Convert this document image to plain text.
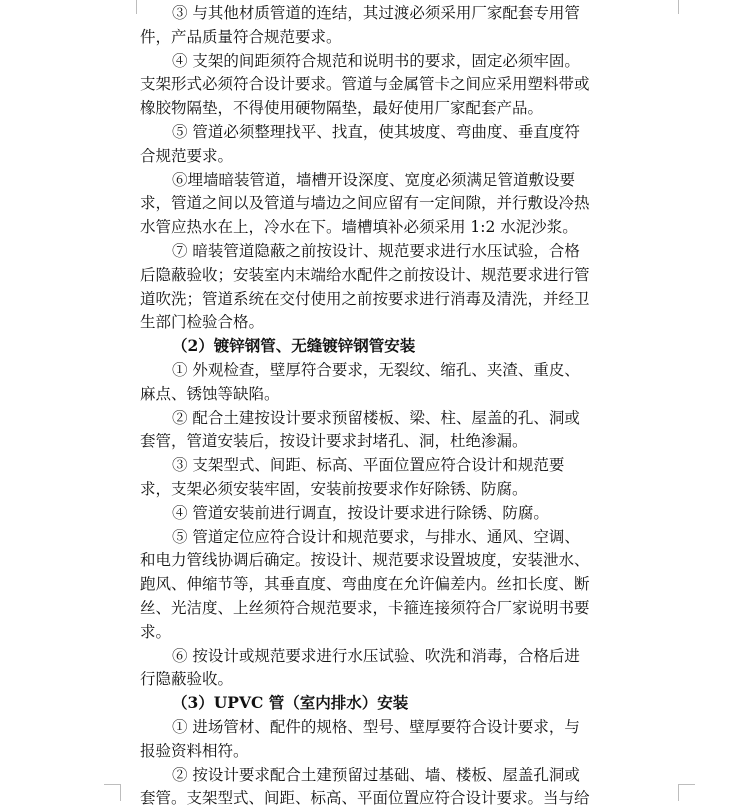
③ 与其他材质管道的连结，其过渡必须采用厂家配套专用管
件，产品质量符合规范要求。
④ 支架的间距须符合规范和说明书的要求，固定必须牢固。
支架形式必须符合设计要求。管道与金属管卡之间应采用塑料带或
橡胶物隔垫，不得使用硬物隔垫，最好使用厂家配套产品。
⑤ 管道必须整理找平、找直，使其坡度、弯曲度、垂直度符
合规范要求。
⑥埋墙暗装管道，墙槽开设深度、宽度必须满足管道敷设要
求，管道之间以及管道与墙边之间应留有一定间隙，并行敷设冷热
水管应热水在上，冷水在下。墙槽填补必须采用 1:2 水泥沙浆。
⑦ 暗装管道隐蔽之前按设计、规范要求进行水压试验，合格
后隐蔽验收；安装室内末端给水配件之前按设计、规范要求进行管
道吹洗；管道系统在交付使用之前按要求进行消毒及清洗，并经卫
生部门检验合格。
（2）镀锌钢管、无缝镀锌钢管安装
① 外观检查，壁厚符合要求，无裂纹、缩孔、夹渣、重皮、
麻点、锈蚀等缺陷。
② 配合土建按设计要求预留楼板、梁、柱、屋盖的孔、洞或
套管，管道安装后，按设计要求封堵孔、洞，杜绝渗漏。
③ 支架型式、间距、标高、平面位置应符合设计和规范要
求，支架必须安装牢固，安装前按要求作好除锈、防腐。
④ 管道安装前进行调直，按设计要求进行除锈、防腐。
⑤ 管道定位应符合设计和规范要求，与排水、通风、空调、
和电力管线协调后确定。按设计、规范要求设置坡度，安装泄水、
跑风、伸缩节等，其垂直度、弯曲度在允许偏差内。丝扣长度、断
丝、光洁度、上丝须符合规范要求，卡箍连接须符合厂家说明书要
求。
⑥ 按设计或规范要求进行水压试验、吹洗和消毒，合格后进
行隐蔽验收。
（3）UPVC 管（室内排水）安装
① 进场管材、配件的规格、型号、壁厚要符合设计要求，与
报验资料相符。
② 按设计要求配合土建预留过基础、墙、楼板、屋盖孔洞或
套管。支架型式、间距、标高、平面位置应符合设计要求。当与给
